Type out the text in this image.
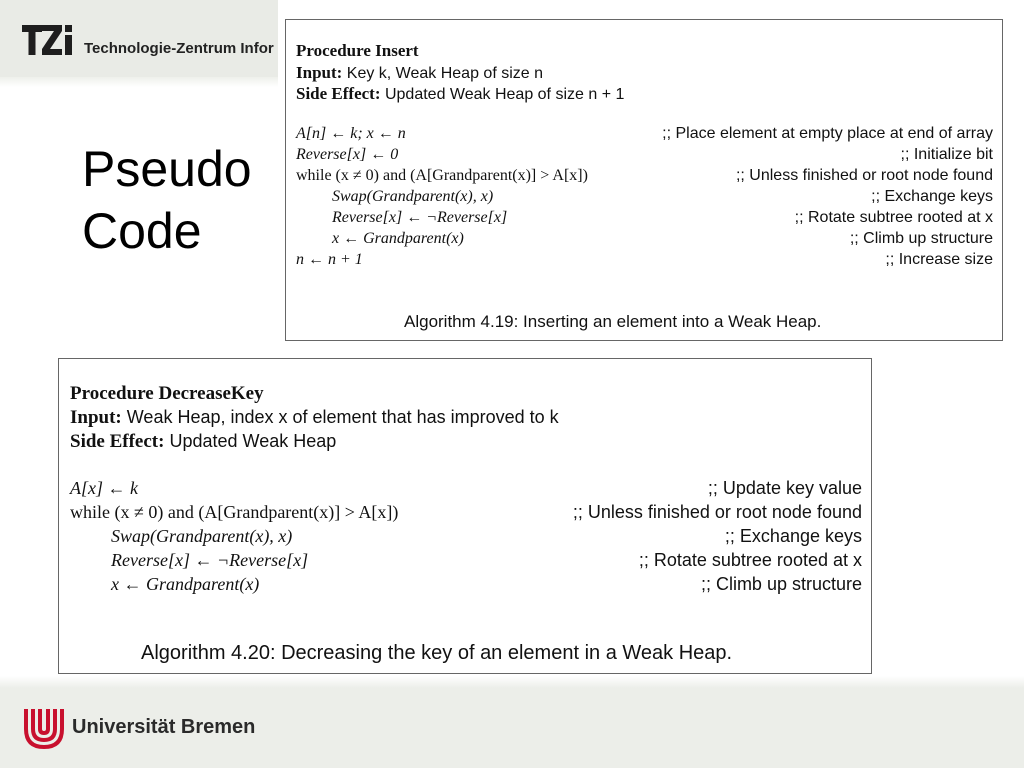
Technologie-Zentrum Infor
Pseudo
Code
Procedure Insert
Input: Key k, Weak Heap of size n
Side Effect: Updated Weak Heap of size n + 1
A[n] ← k; x ← n	;; Place element at empty place at end of array
Reverse[x] ← 0	;; Initialize bit
while (x ≠ 0) and (A[Grandparent(x)] > A[x])	;; Unless finished or root node found
Swap(Grandparent(x), x)	;; Exchange keys
Reverse[x] ← ¬Reverse[x]	;; Rotate subtree rooted at x
x ← Grandparent(x)	;; Climb up structure
n ← n + 1	;; Increase size
Algorithm 4.19: Inserting an element into a Weak Heap.
Procedure DecreaseKey
Input: Weak Heap, index x of element that has improved to k
Side Effect: Updated Weak Heap
A[x] ← k	;; Update key value
while (x ≠ 0) and (A[Grandparent(x)] > A[x])	;; Unless finished or root node found
Swap(Grandparent(x), x)	;; Exchange keys
Reverse[x] ← ¬Reverse[x]	;; Rotate subtree rooted at x
x ← Grandparent(x)	;; Climb up structure
Algorithm 4.20: Decreasing the key of an element in a Weak Heap.
Universität Bremen
